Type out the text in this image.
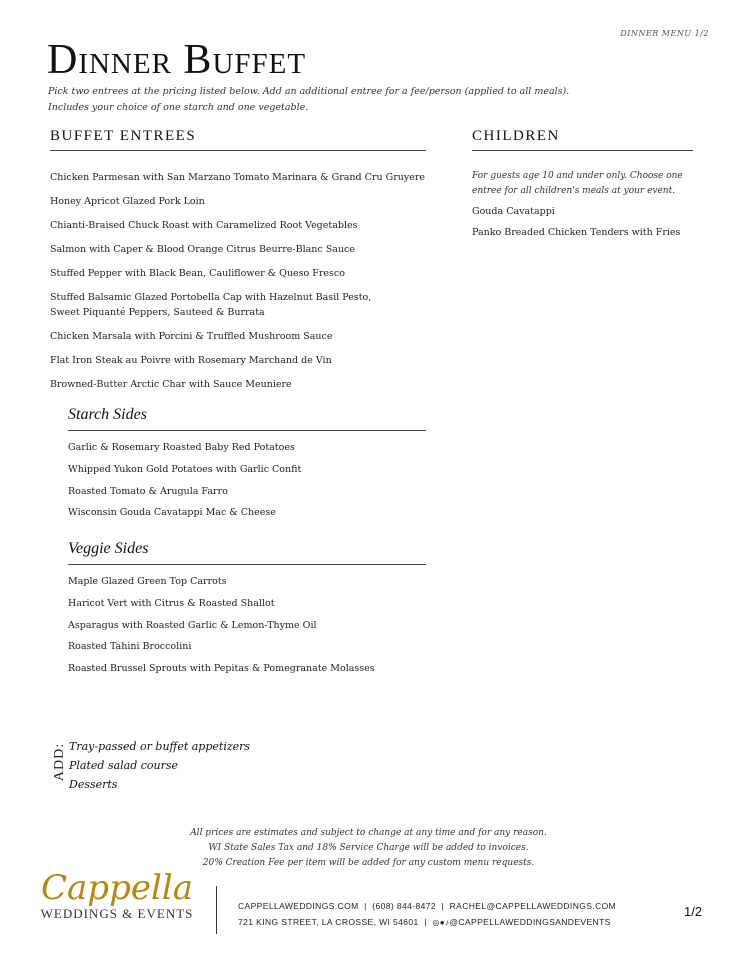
DINNER MENU 1/2
Dinner Buffet
Pick two entrees at the pricing listed below. Add an additional entree for a fee/person (applied to all meals).
Includes your choice of one starch and one vegetable.
BUFFET ENTREES
Chicken Parmesan with San Marzano Tomato Marinara & Grand Cru Gruyere
Honey Apricot Glazed Pork Loin
Chianti-Braised Chuck Roast with Caramelized Root Vegetables
Salmon with Caper & Blood Orange Citrus Beurre-Blanc Sauce
Stuffed Pepper with Black Bean, Cauliflower & Queso Fresco
Stuffed Balsamic Glazed Portobella Cap with Hazelnut Basil Pesto, Sweet Piquanté Peppers, Sauteed & Burrata
Chicken Marsala with Porcini & Truffled Mushroom Sauce
Flat Iron Steak au Poivre with Rosemary Marchand de Vin
Browned-Butter Arctic Char with Sauce Meuniere
CHILDREN
For guests age 10 and under only. Choose one entree for all children's meals at your event.
Gouda Cavatappi
Panko Breaded Chicken Tenders with Fries
Starch Sides
Garlic & Rosemary Roasted Baby Red Potatoes
Whipped Yukon Gold Potatoes with Garlic Confit
Roasted Tomato & Arugula Farro
Wisconsin Gouda Cavatappi Mac & Cheese
Veggie Sides
Maple Glazed Green Top Carrots
Haricot Vert with Citrus & Roasted Shallot
Asparagus with Roasted Garlic & Lemon-Thyme Oil
Roasted Tahini Broccolini
Roasted Brussel Sprouts with Pepitas & Pomegranate Molasses
ADD: Tray-passed or buffet appetizers
Plated salad course
Desserts
All prices are estimates and subject to change at any time and for any reason.
WI State Sales Tax and 18% Service Charge will be added to invoices.
20% Creation Fee per item will be added for any custom menu requests.
Cappella
WEDDINGS & EVENTS	CAPPELLAWEDDINGS.COM  |  (608) 844-8472  |  RACHEL@CAPPELLAWEDDINGS.COM
721 KING STREET, LA CROSSE, WI 54601  |  ◎●♪@CAPPELLAWEDDINGSANDEVENTS
1/2
